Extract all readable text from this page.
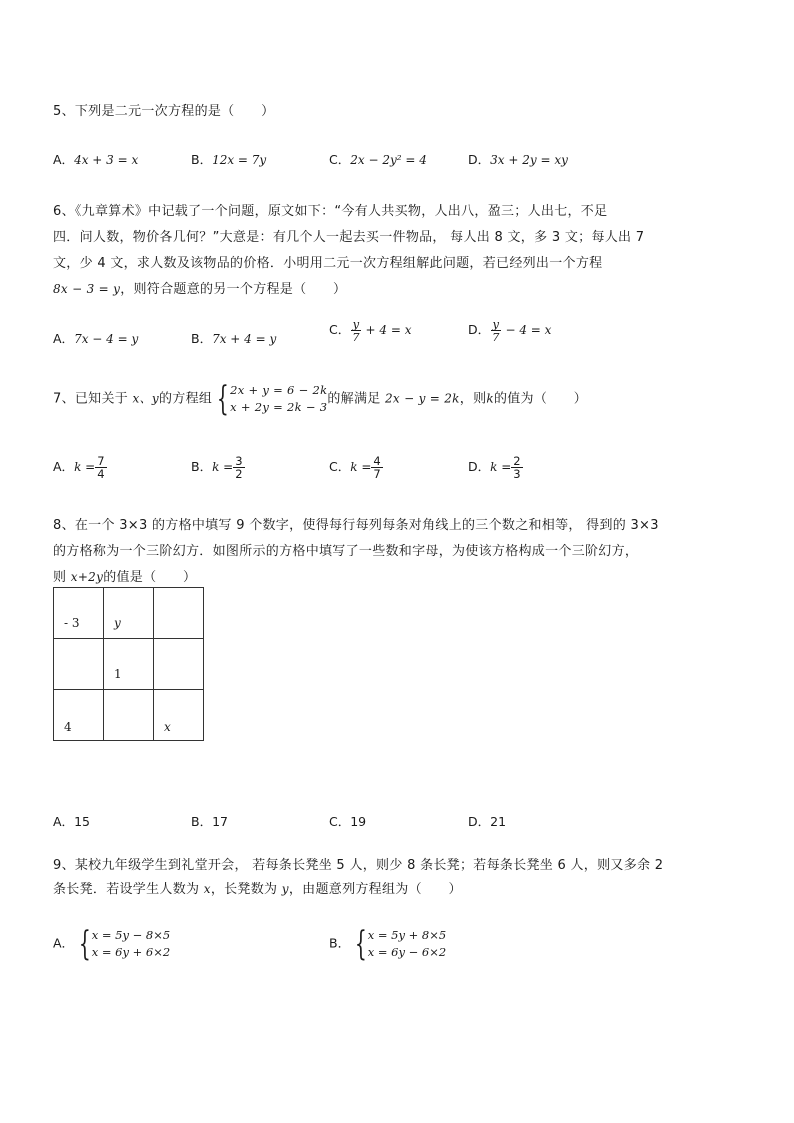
5、下列是二元一次方程的是（　　）
A．4x + 3 = x	B．12x = 7y	C．2x − 2y² = 4	D．3x + 2y = xy
6、《九章算术》中记载了一个问题，原文如下：“今有人共买物，人出八，盈三；人出七，不足
四．问人数，物价各几何？”大意是：有几个人一起去买一件物品， 每人出 8 文，多 3 文；每人出 7
文，少 4 文，求人数及该物品的价格．小明用二元一次方程组解此问题，若已经列出一个方程
8x − 3 = y，则符合题意的另一个方程是（　　）
A．7x − 4 = y	B．7x + 4 = y
C． $\frac{y}{7} + 4 = x$	D． $\frac{y}{7} - 4 = x$
7、已知关于 x、y的方程组 { 2x + y = 6 − 2k
x + 2y = 2k − 3
的解满足 2x − y = 2k，则k的值为（　　）
A．$k = \frac{7}{4}$	B．$k = \frac{3}{2}$	C．$k = \frac{4}{7}$	D．$k = \frac{2}{3}$
8、在一个 3×3 的方格中填写 9 个数字，使得每行每列每条对角线上的三个数之和相等， 得到的 3×3
的方格称为一个三阶幻方．如图所示的方格中填写了一些数和字母，为使该方格构成一个三阶幻方，
则 x+2y的值是（　　）
- 3	y	

	1	

4		x
A．15	B．17	C．19	D．21
9、某校九年级学生到礼堂开会， 若每条长凳坐 5 人，则少 8 条长凳；若每条长凳坐 6 人，则又多余 2
条长凳．若设学生人数为 x，长凳数为 y，由题意列方程组为（　　）
A． { x = 5y − 8×5
x = 6y + 6×2
B． { x = 5y + 8×5
x = 6y − 6×2
